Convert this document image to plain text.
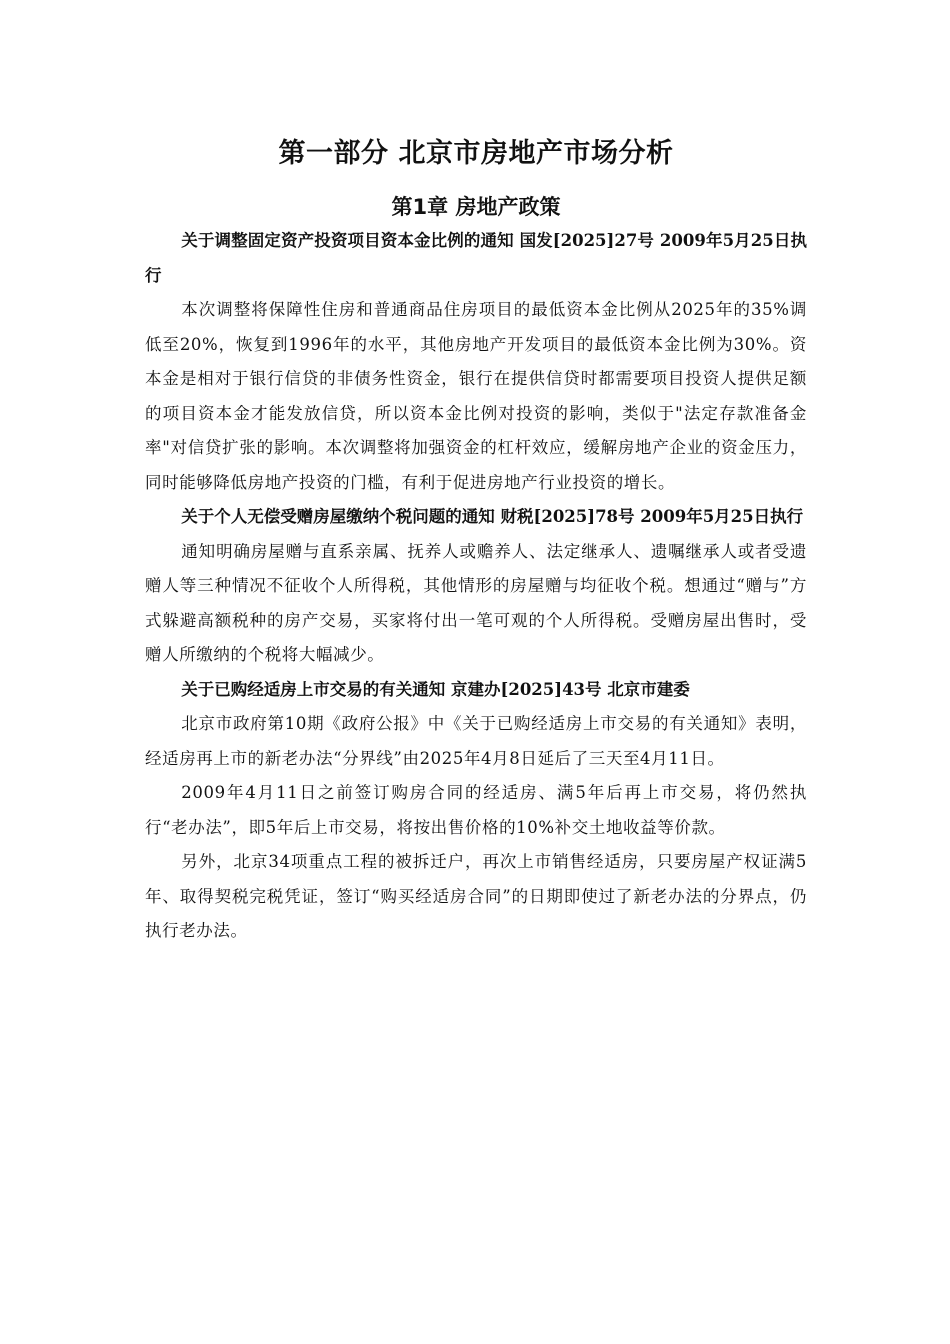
第一部分 北京市房地产市场分析
第1章 房地产政策

关于调整固定资产投资项目资本金比例的通知 国发[2025]27号 2009年5月25日执行

本次调整将保障性住房和普通商品住房项目的最低资本金比例从2025年的35%调低至20%，恢复到1996年的水平，其他房地产开发项目的最低资本金比例为30%。资本金是相对于银行信贷的非债务性资金，银行在提供信贷时都需要项目投资人提供足额的项目资本金才能发放信贷，所以资本金比例对投资的影响，类似于"法定存款准备金率"对信贷扩张的影响。本次调整将加强资金的杠杆效应，缓解房地产企业的资金压力，同时能够降低房地产投资的门槛，有利于促进房地产行业投资的增长。

关于个人无偿受赠房屋缴纳个税问题的通知 财税[2025]78号 2009年5月25日执行

通知明确房屋赠与直系亲属、抚养人或赡养人、法定继承人、遗嘱继承人或者受遗赠人等三种情况不征收个人所得税，其他情形的房屋赠与均征收个税。想通过“赠与”方式躲避高额税种的房产交易，买家将付出一笔可观的个人所得税。受赠房屋出售时，受赠人所缴纳的个税将大幅减少。

关于已购经适房上市交易的有关通知 京建办[2025]43号 北京市建委

北京市政府第10期《政府公报》中《关于已购经适房上市交易的有关通知》表明，经适房再上市的新老办法“分界线”由2025年4月8日延后了三天至4月11日。

2009年4月11日之前签订购房合同的经适房、满5年后再上市交易，将仍然执行“老办法”，即5年后上市交易，将按出售价格的10%补交土地收益等价款。

另外，北京34项重点工程的被拆迁户，再次上市销售经适房，只要房屋产权证满5年、取得契税完税凭证，签订“购买经适房合同”的日期即使过了新老办法的分界点，仍执行老办法。
